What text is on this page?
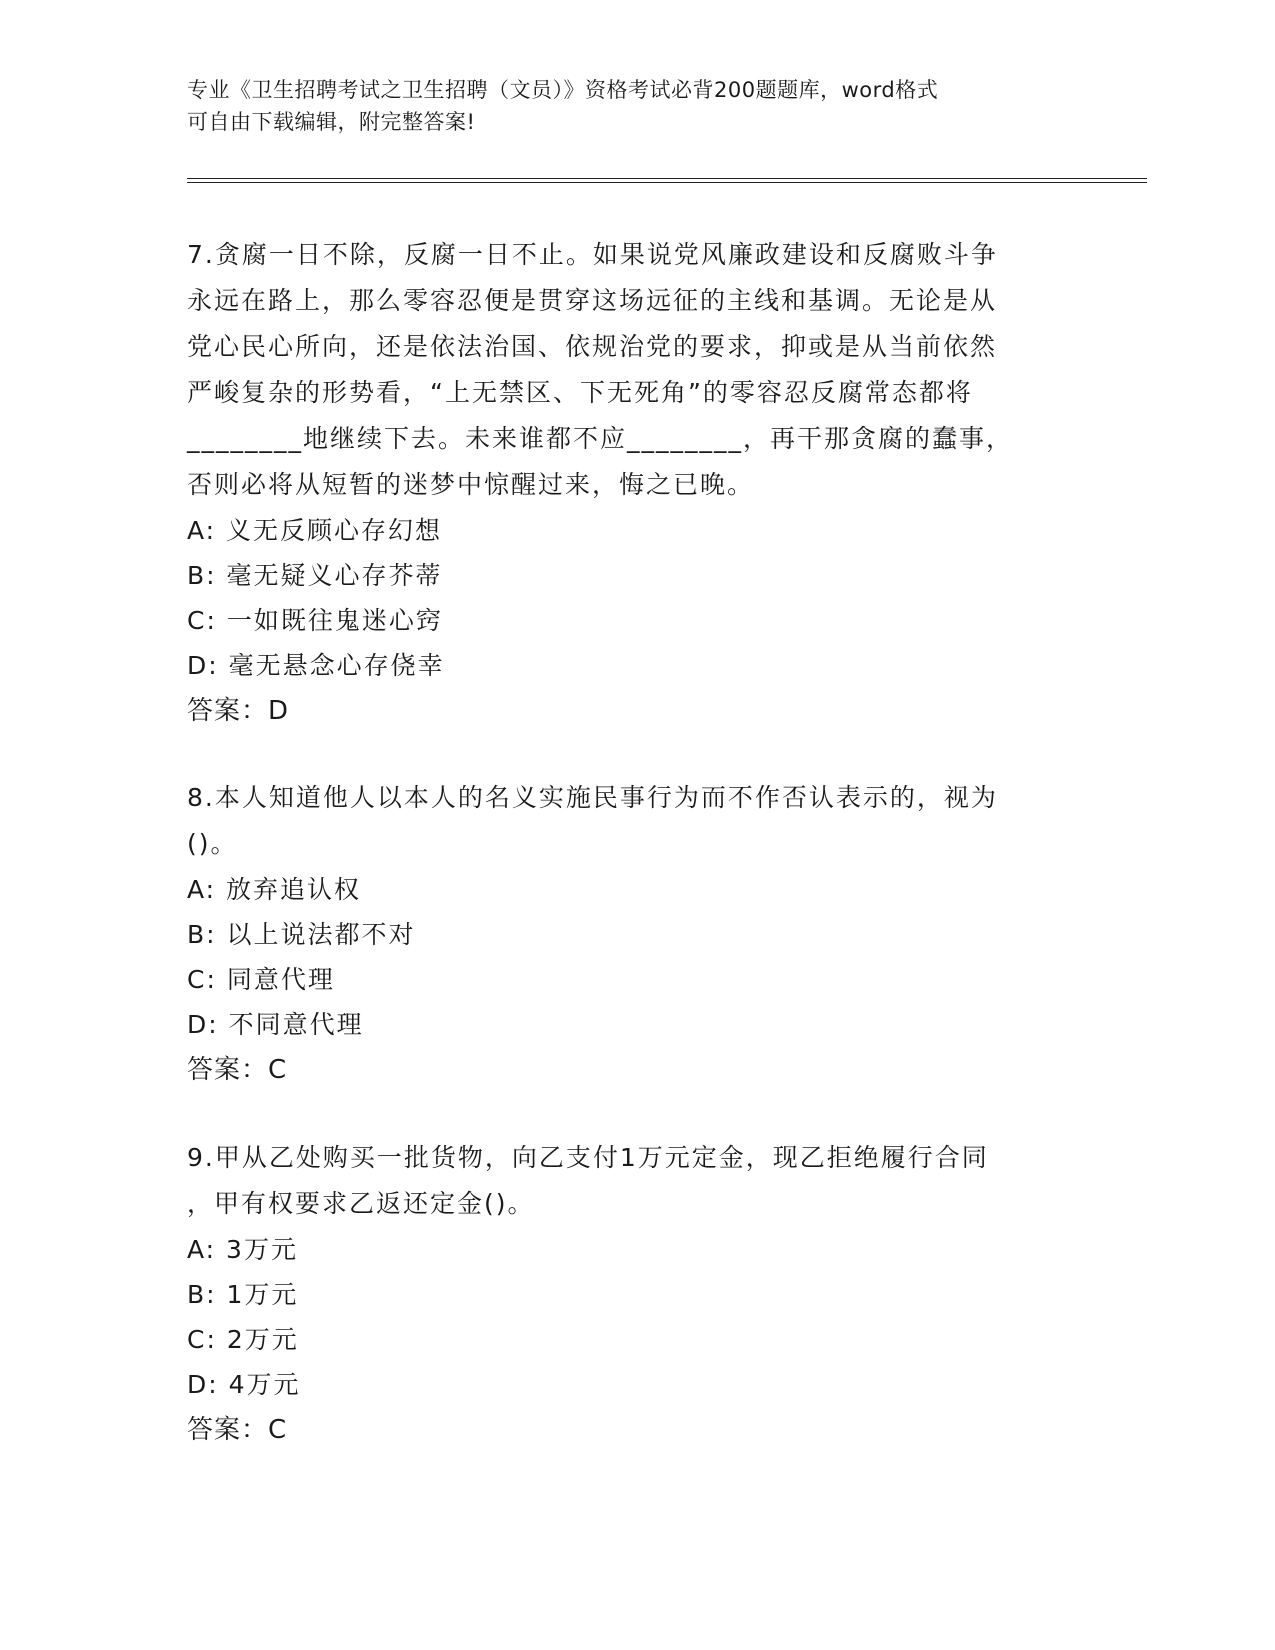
专业《卫生招聘考试之卫生招聘（文员）》资格考试必背200题题库，word格式
可自由下载编辑，附完整答案!
7.贪腐一日不除，反腐一日不止。如果说党风廉政建设和反腐败斗争
永远在路上，那么零容忍便是贯穿这场远征的主线和基调。无论是从
党心民心所向，还是依法治国、依规治党的要求，抑或是从当前依然
严峻复杂的形势看，“上无禁区、下无死角”的零容忍反腐常态都将
________地继续下去。未来谁都不应________，再干那贪腐的蠢事，
否则必将从短暂的迷梦中惊醒过来，悔之已晚。
A: 义无反顾心存幻想
B: 毫无疑义心存芥蒂
C: 一如既往鬼迷心窍
D: 毫无悬念心存侥幸
答案：D
8.本人知道他人以本人的名义实施民事行为而不作否认表示的，视为
()。
A: 放弃追认权
B: 以上说法都不对
C: 同意代理
D: 不同意代理
答案：C
9.甲从乙处购买一批货物，向乙支付1万元定金，现乙拒绝履行合同
，甲有权要求乙返还定金()。
A: 3万元
B: 1万元
C: 2万元
D: 4万元
答案：C
